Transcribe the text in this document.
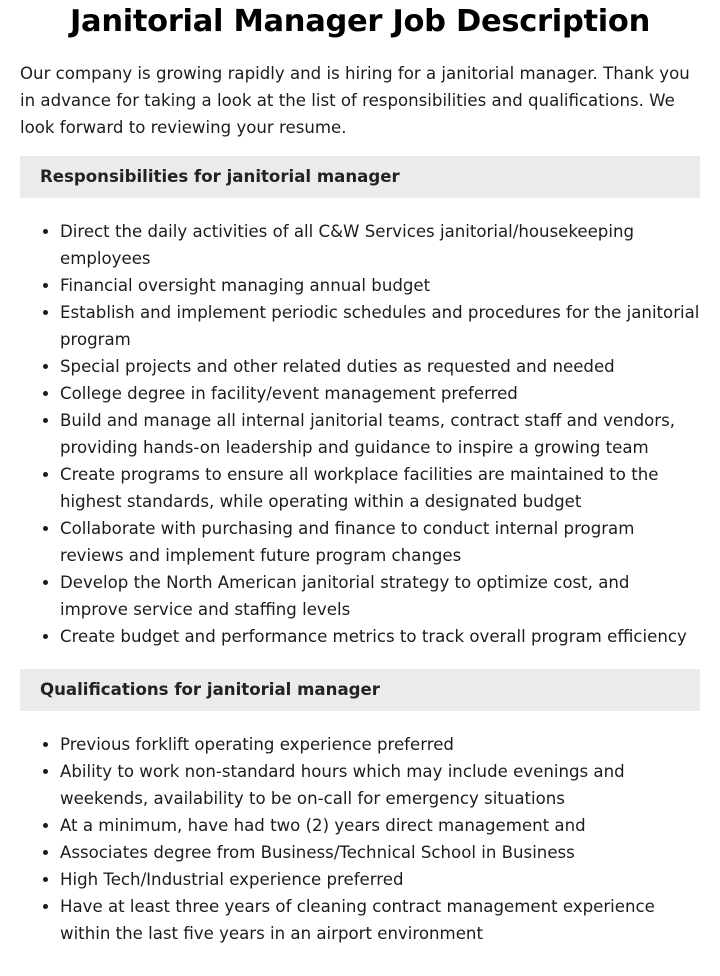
Janitorial Manager Job Description

Our company is growing rapidly and is hiring for a janitorial manager. Thank you in advance for taking a look at the list of responsibilities and qualifications. We look forward to reviewing your resume.

Responsibilities for janitorial manager
• Direct the daily activities of all C&W Services janitorial/housekeeping employees
• Financial oversight managing annual budget
• Establish and implement periodic schedules and procedures for the janitorial program
• Special projects and other related duties as requested and needed
• College degree in facility/event management preferred
• Build and manage all internal janitorial teams, contract staff and vendors, providing hands-on leadership and guidance to inspire a growing team
• Create programs to ensure all workplace facilities are maintained to the highest standards, while operating within a designated budget
• Collaborate with purchasing and finance to conduct internal program reviews and implement future program changes
• Develop the North American janitorial strategy to optimize cost, and improve service and staffing levels
• Create budget and performance metrics to track overall program efficiency
Qualifications for janitorial manager
• Previous forklift operating experience preferred
• Ability to work non-standard hours which may include evenings and weekends, availability to be on-call for emergency situations
• At a minimum, have had two (2) years direct management and
• Associates degree from Business/Technical School in Business
• High Tech/Industrial experience preferred
• Have at least three years of cleaning contract management experience within the last five years in an airport environment
